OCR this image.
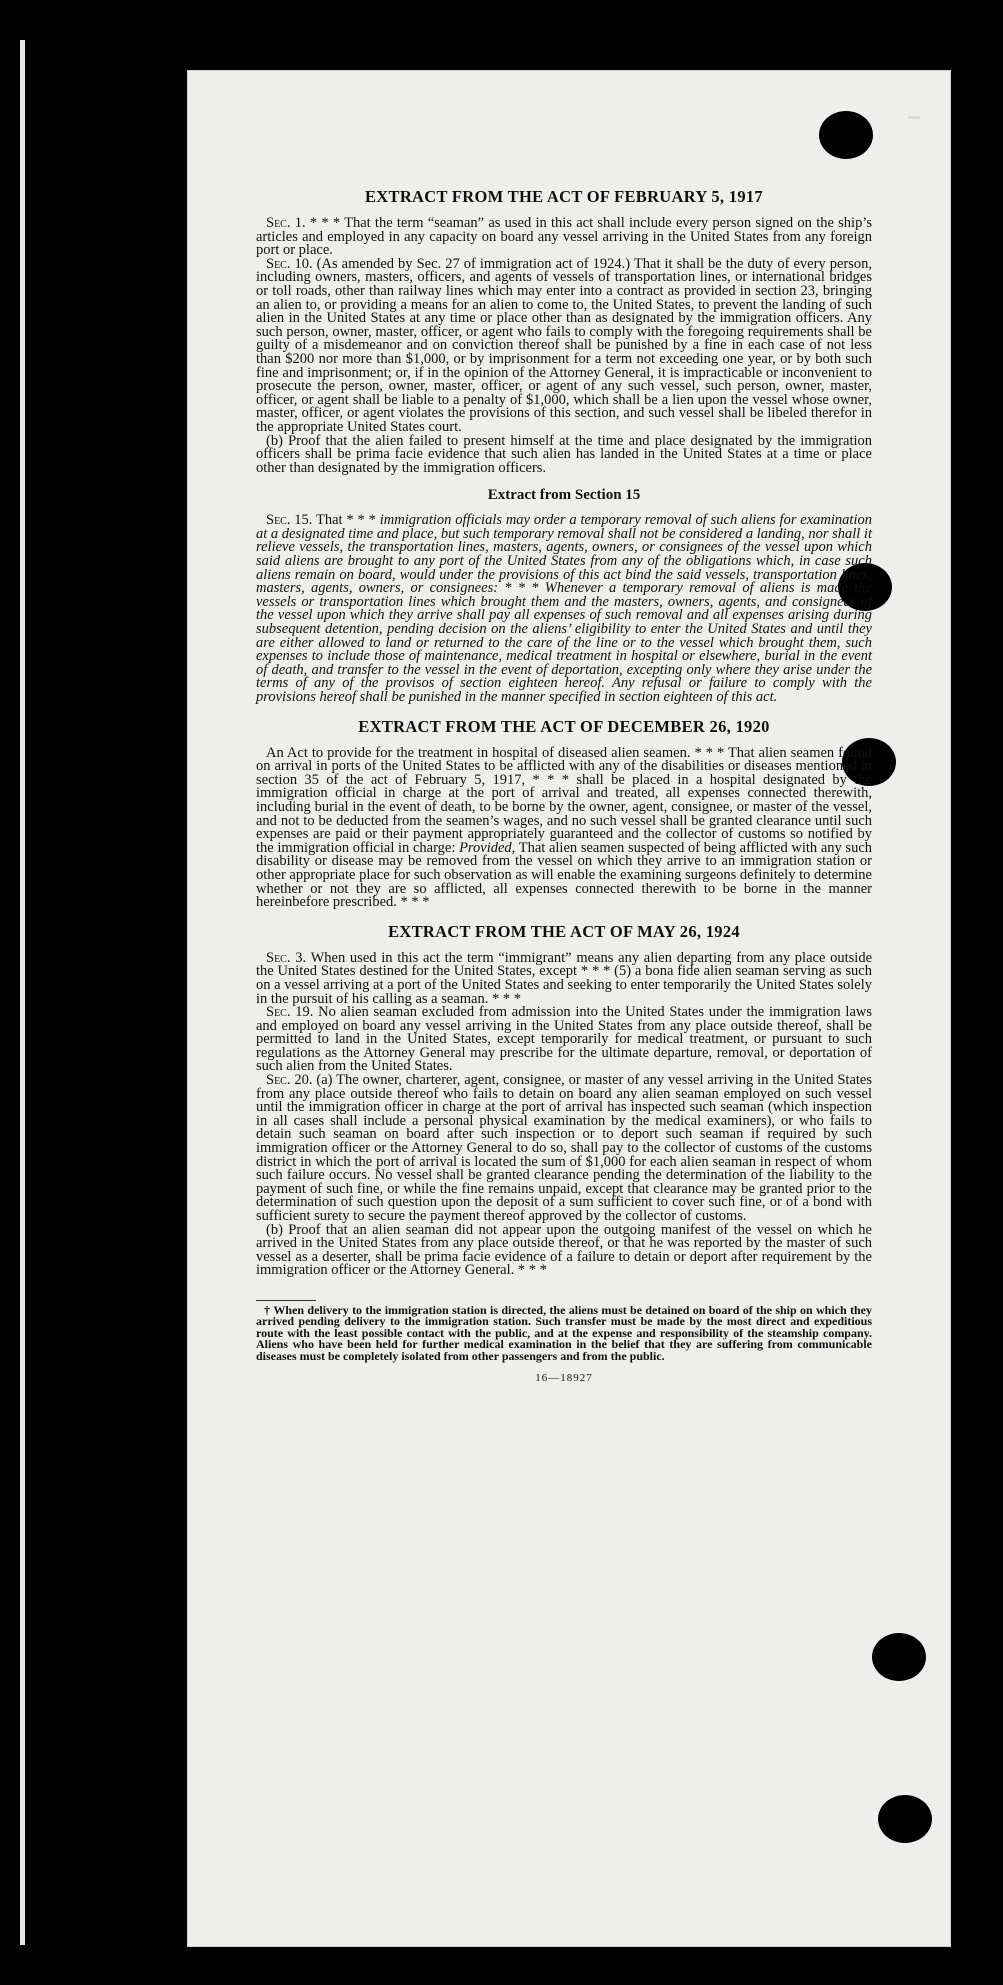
EXTRACT FROM THE ACT OF FEBRUARY 5, 1917

Sec. 1. * * * That the term “seaman” as used in this act shall include every person signed on the ship’s articles and employed in any capacity on board any vessel arriving in the United States from any foreign port or place.

Sec. 10. (As amended by Sec. 27 of immigration act of 1924.) That it shall be the duty of every person, including owners, masters, officers, and agents of vessels of transportation lines, or international bridges or toll roads, other than railway lines which may enter into a contract as provided in section 23, bringing an alien to, or providing a means for an alien to come to, the United States, to prevent the landing of such alien in the United States at any time or place other than as designated by the immigration officers. Any such person, owner, master, officer, or agent who fails to comply with the foregoing requirements shall be guilty of a misdemeanor and on conviction thereof shall be punished by a fine in each case of not less than $200 nor more than $1,000, or by imprisonment for a term not exceeding one year, or by both such fine and imprisonment; or, if in the opinion of the Attorney General, it is impracticable or inconvenient to prosecute the person, owner, master, officer, or agent of any such vessel, such person, owner, master, officer, or agent shall be liable to a penalty of $1,000, which shall be a lien upon the vessel whose owner, master, officer, or agent violates the provisions of this section, and such vessel shall be libeled therefor in the appropriate United States court.

(b) Proof that the alien failed to present himself at the time and place designated by the immigration officers shall be prima facie evidence that such alien has landed in the United States at a time or place other than designated by the immigration officers.

Extract from Section 15

Sec. 15. That * * * immigration officials may order a temporary removal of such aliens for examination at a designated time and place, but such temporary removal shall not be considered a landing, nor shall it relieve vessels, the transportation lines, masters, agents, owners, or consignees of the vessel upon which said aliens are brought to any port of the United States from any of the obligations which, in case such aliens remain on board, would under the provisions of this act bind the said vessels, transportation lines, masters, agents, owners, or consignees: * * * Whenever a temporary removal of aliens is made the vessels or transportation lines which brought them and the masters, owners, agents, and consignees of the vessel upon which they arrive shall pay all expenses of such removal and all expenses arising during subsequent detention, pending decision on the aliens’ eligibility to enter the United States and until they are either allowed to land or returned to the care of the line or to the vessel which brought them, such expenses to include those of maintenance, medical treatment in hospital or elsewhere, burial in the event of death, and transfer to the vessel in the event of deportation, excepting only where they arise under the terms of any of the provisos of section eighteen hereof. Any refusal or failure to comply with the provisions hereof shall be punished in the manner specified in section eighteen of this act.

EXTRACT FROM THE ACT OF DECEMBER 26, 1920

An Act to provide for the treatment in hospital of diseased alien seamen. * * * That alien seamen found on arrival in ports of the United States to be afflicted with any of the disabilities or diseases mentioned in section 35 of the act of February 5, 1917, * * * shall be placed in a hospital designated by the immigration official in charge at the port of arrival and treated, all expenses connected therewith, including burial in the event of death, to be borne by the owner, agent, consignee, or master of the vessel, and not to be deducted from the seamen’s wages, and no such vessel shall be granted clearance until such expenses are paid or their payment appropriately guaranteed and the collector of customs so notified by the immigration official in charge: Provided, That alien seamen suspected of being afflicted with any such disability or disease may be removed from the vessel on which they arrive to an immigration station or other appropriate place for such observation as will enable the examining surgeons definitely to determine whether or not they are so afflicted, all expenses connected therewith to be borne in the manner hereinbefore prescribed. * * *

EXTRACT FROM THE ACT OF MAY 26, 1924

Sec. 3. When used in this act the term “immigrant” means any alien departing from any place outside the United States destined for the United States, except * * * (5) a bona fide alien seaman serving as such on a vessel arriving at a port of the United States and seeking to enter temporarily the United States solely in the pursuit of his calling as a seaman. * * *

Sec. 19. No alien seaman excluded from admission into the United States under the immigration laws and employed on board any vessel arriving in the United States from any place outside thereof, shall be permitted to land in the United States, except temporarily for medical treatment, or pursuant to such regulations as the Attorney General may prescribe for the ultimate departure, removal, or deportation of such alien from the United States.

Sec. 20. (a) The owner, charterer, agent, consignee, or master of any vessel arriving in the United States from any place outside thereof who fails to detain on board any alien seaman employed on such vessel until the immigration officer in charge at the port of arrival has inspected such seaman (which inspection in all cases shall include a personal physical examination by the medical examiners), or who fails to detain such seaman on board after such inspection or to deport such seaman if required by such immigration officer or the Attorney General to do so, shall pay to the collector of customs of the customs district in which the port of arrival is located the sum of $1,000 for each alien seaman in respect of whom such failure occurs. No vessel shall be granted clearance pending the determination of the liability to the payment of such fine, or while the fine remains unpaid, except that clearance may be granted prior to the determination of such question upon the deposit of a sum sufficient to cover such fine, or of a bond with sufficient surety to secure the payment thereof approved by the collector of customs.

(b) Proof that an alien seaman did not appear upon the outgoing manifest of the vessel on which he arrived in the United States from any place outside thereof, or that he was reported by the master of such vessel as a deserter, shall be prima facie evidence of a failure to detain or deport after requirement by the immigration officer or the Attorney General. * * *

† When delivery to the immigration station is directed, the aliens must be detained on board of the ship on which they arrived pending delivery to the immigration station. Such transfer must be made by the most direct and expeditious route with the least possible contact with the public, and at the expense and responsibility of the steamship company. Aliens who have been held for further medical examination in the belief that they are suffering from communicable diseases must be completely isolated from other passengers and from the public.

16—18927
